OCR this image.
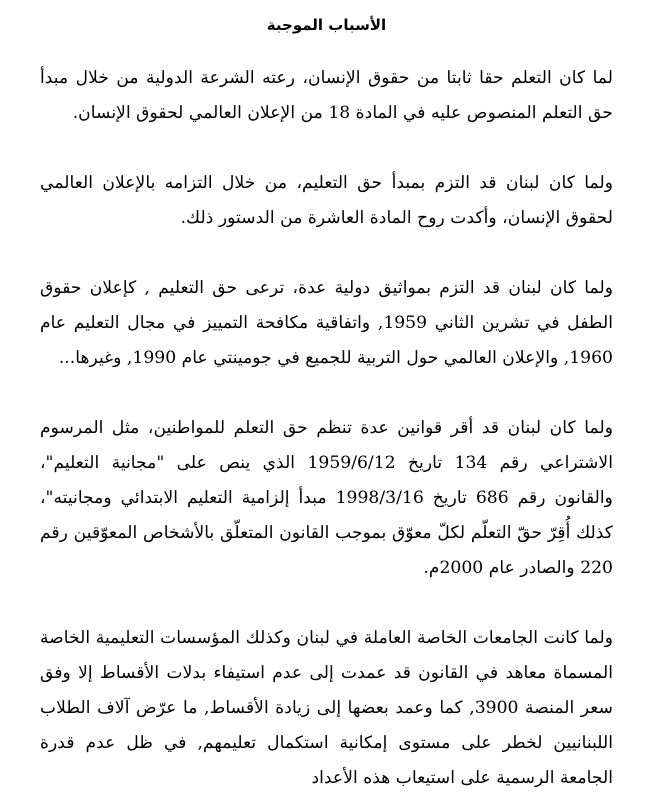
الأسباب الموجبة

لما كان التعلم حقا ثابتا من حقوق الإنسان، رعته الشرعة الدولية من خلال مبدأ حق التعلم المنصوص عليه في المادة 18 من الإعلان العالمي لحقوق الإنسان.

ولما كان لبنان قد التزم بمبدأ حق التعليم، من خلال التزامه بالإعلان العالمي لحقوق الإنسان، وأكدت روح المادة العاشرة من الدستور ذلك.

ولما كان لبنان قد التزم بمواثيق دولية عدة، ترعى حق التعليم , كإعلان حقوق الطفل في تشرين الثاني 1959, واتفاقية مكافحة التمييز في مجال التعليم عام 1960, والإعلان العالمي حول التربية للجميع في جومينتي عام 1990, وغيرها...

ولما كان لبنان قد أقر قوانين عدة تنظم حق التعلم للمواطنين، مثل المرسوم الاشتراعي رقم 134 تاريخ 1959/6/12 الذي ينص على "مجانية التعليم"، والقانون رقم 686 تاريخ 1998/3/16 مبدأ إلزامية التعليم الابتدائي ومجانيته"، كذلك أُقِرّ حقّ التعلّم لكلّ معوّق بموجب القانون المتعلّق بالأشخاص المعوّقين رقم 220 والصادر عام 2000م.

ولما كانت الجامعات الخاصة العاملة في لبنان وكذلك المؤسسات التعليمية الخاصة المسماة معاهد في القانون قد عمدت إلى عدم استيفاء بدلات الأقساط إلا وفق سعر المنصة 3900, كما وعمد بعضها إلى زيادة الأقساط, ما عرّض آلاف الطلاب اللبنانيين لخطر على مستوى إمكانية استكمال تعليمهم, في ظل عدم قدرة الجامعة الرسمية على استيعاب هذه الأعداد
